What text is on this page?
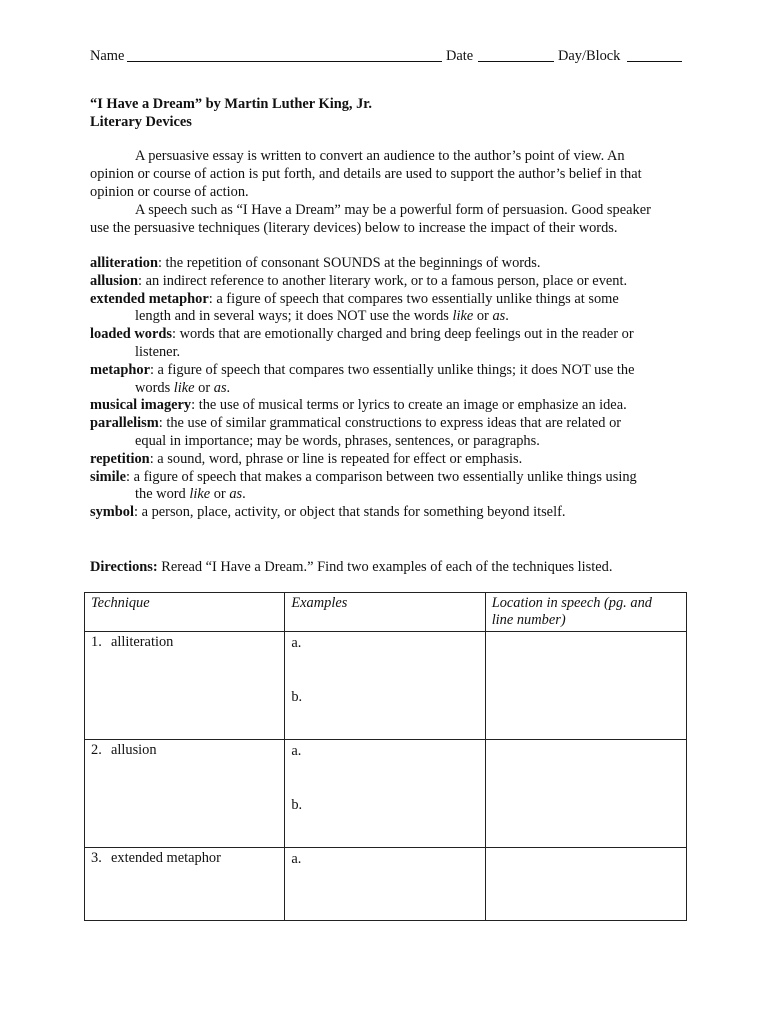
Name	Date	Day/Block
“I Have a Dream” by Martin Luther King, Jr.
Literary Devices
A persuasive essay is written to convert an audience to the author’s point of view. An
opinion or course of action is put forth, and details are used to support the author’s belief in that
opinion or course of action.
A speech such as “I Have a Dream” may be a powerful form of persuasion. Good speaker
use the persuasive techniques (literary devices) below to increase the impact of their words.
alliteration: the repetition of consonant SOUNDS at the beginnings of words.
allusion: an indirect reference to another literary work, or to a famous person, place or event.
extended metaphor: a figure of speech that compares two essentially unlike things at some
length and in several ways; it does NOT use the words like or as.
loaded words: words that are emotionally charged and bring deep feelings out in the reader or
listener.
metaphor: a figure of speech that compares two essentially unlike things; it does NOT use the
words like or as.
musical imagery: the use of musical terms or lyrics to create an image or emphasize an idea.
parallelism: the use of similar grammatical constructions to express ideas that are related or
equal in importance; may be words, phrases, sentences, or paragraphs.
repetition: a sound, word, phrase or line is repeated for effect or emphasis.
simile: a figure of speech that makes a comparison between two essentially unlike things using
the word like or as.
symbol: a person, place, activity, or object that stands for something beyond itself.
Directions: Reread “I Have a Dream.” Find two examples of each of the techniques listed.
Technique	Examples	Location in speech (pg. and
line number)

1. alliteration	a.
b.	

2. allusion	a.
b.	

3. extended metaphor	a.	
